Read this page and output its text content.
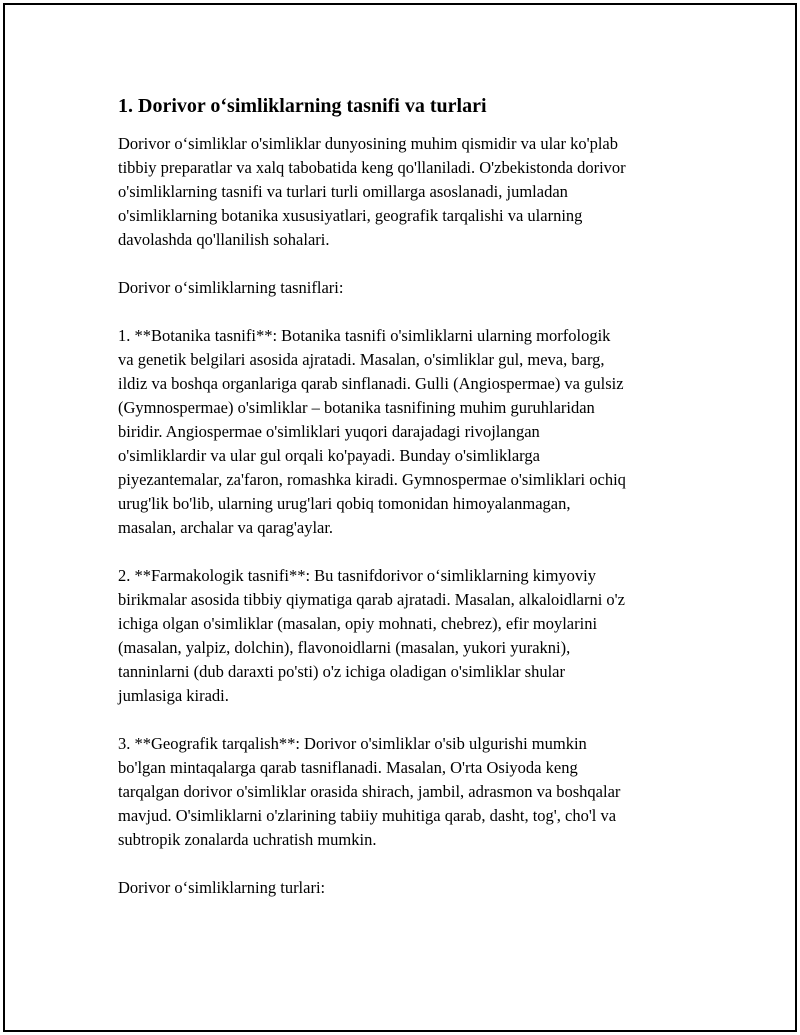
1. Dorivor o‘simliklarning tasnifi va turlari

Dorivor o‘simliklar o'simliklar dunyosining muhim qismidir va ular ko'plab
tibbiy preparatlar va xalq tabobatida keng qo'llaniladi. O'zbekistonda dorivor
o'simliklarning tasnifi va turlari turli omillarga asoslanadi, jumladan
o'simliklarning botanika xususiyatlari, geografik tarqalishi va ularning
davolashda qo'llanilish sohalari.

Dorivor o‘simliklarning tasniflari:

1. **Botanika tasnifi**: Botanika tasnifi o'simliklarni ularning morfologik
va genetik belgilari asosida ajratadi. Masalan, o'simliklar gul, meva, barg,
ildiz va boshqa organlariga qarab sinflanadi. Gulli (Angiospermae) va gulsiz
(Gymnospermae) o'simliklar – botanika tasnifining muhim guruhlaridan
biridir. Angiospermae o'simliklari yuqori darajadagi rivojlangan
o'simliklardir va ular gul orqali ko'payadi. Bunday o'simliklarga
piyezantemalar, za'faron, romashka kiradi. Gymnospermae o'simliklari ochiq
urug'lik bo'lib, ularning urug'lari qobiq tomonidan himoyalanmagan,
masalan, archalar va qarag'aylar.

2. **Farmakologik tasnifi**: Bu tasnifdorivor o‘simliklarning kimyoviy
birikmalar asosida tibbiy qiymatiga qarab ajratadi. Masalan, alkaloidlarni o'z
ichiga olgan o'simliklar (masalan, opiy mohnati, chebrez), efir moylarini
(masalan, yalpiz, dolchin), flavonoidlarni (masalan, yukori yurakni),
tanninlarni (dub daraxti po'sti) o'z ichiga oladigan o'simliklar shular
jumlasiga kiradi.

3. **Geografik tarqalish**: Dorivor o'simliklar o'sib ulgurishi mumkin
bo'lgan mintaqalarga qarab tasniflanadi. Masalan, O'rta Osiyoda keng
tarqalgan dorivor o'simliklar orasida shirach, jambil, adrasmon va boshqalar
mavjud. O'simliklarni o'zlarining tabiiy muhitiga qarab, dasht, tog', cho'l va
subtropik zonalarda uchratish mumkin.

Dorivor o‘simliklarning turlari:
